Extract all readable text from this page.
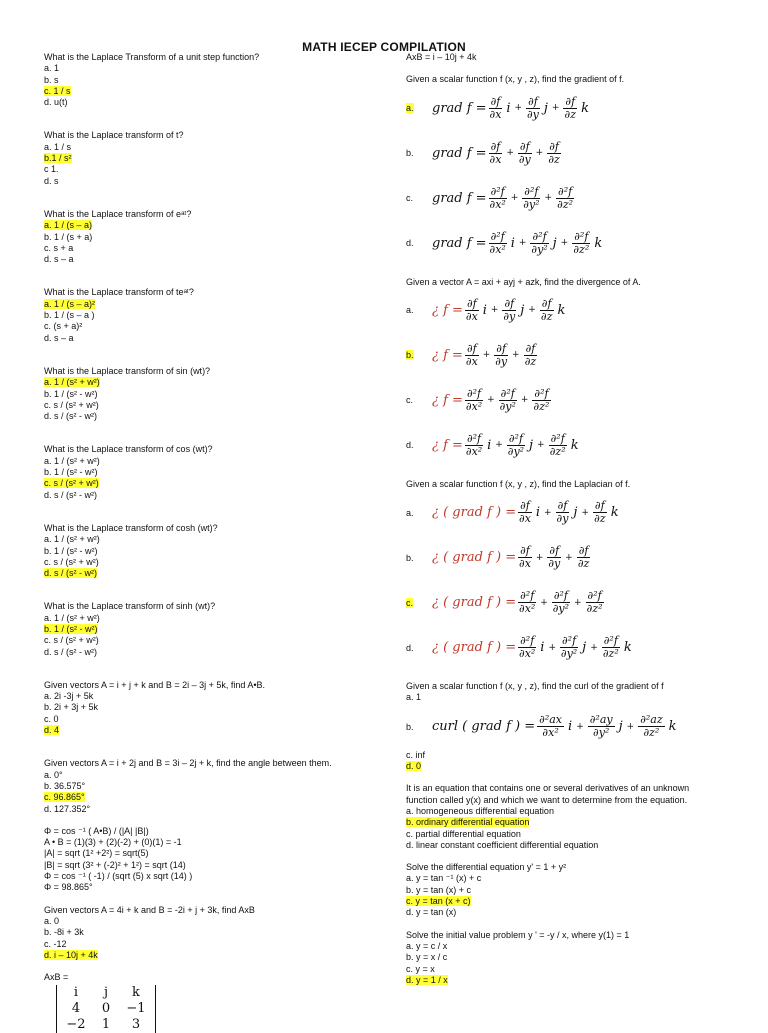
MATH IECEP COMPILATION
What is the Laplace Transform of a unit step function?
a. 1
b. s
c. 1 / s
d. u(t)
What is the Laplace transform of t?
a. 1 / s
b.1 / s²
c 1.
d. s
What is the Laplace transform of eᵃᵗ?
a. 1 / (s – a)
b. 1 / (s + a)
c. s + a
d. s – a
What is the Laplace transform of teᵃᵗ?
a. 1 / (s – a)²
b. 1 / (s – a )
c. (s + a)²
d. s – a
What is the Laplace transform of sin (wt)?
a. 1 / (s² + w²)
b. 1 / (s² - w²)
c. s / (s² + w²)
d. s / (s² - w²)
What is the Laplace transform of cos (wt)?
a. 1 / (s² + w²)
b. 1 / (s² - w²)
c. s / (s² + w²)
d. s / (s² - w²)
What is the Laplace transform of cosh (wt)?
a. 1 / (s² + w²)
b. 1 / (s² - w²)
c. s / (s² + w²)
d. s / (s² - w²)
What is the Laplace transform of sinh (wt)?
a. 1 / (s² + w²)
b. 1 / (s² - w²)
c. s / (s² + w²)
d. s / (s² - w²)
Given vectors A = i + j + k and B = 2i – 3j + 5k, find A•B.
a. 2i -3j + 5k
b. 2i + 3j + 5k
c. 0
d. 4
Given vectors A = i + 2j and B = 3i – 2j + k, find the angle between them.
a. 0°
b. 36.575°
c. 96.865°
d. 127.352°
Φ = cos ⁻¹ ( A•B) / (|A| |B|)
A • B = (1)(3) + (2)(-2) + (0)(1) = -1
|A| = sqrt (1² +2²) = sqrt(5)
|B| = sqrt (3² + (-2)² + 1²) = sqrt (14)
Φ = cos ⁻¹ ( -1) / (sqrt (5) x sqrt (14) )
Φ = 98.865°
Given vectors A = 4i + k and B = -2i + j + 3k, find AxB
a. 0
b. -8i + 3k
c. -12
d. i – 10j + 4k
AxB =
i	j	k
4	0	−1
−2	1	3
AxB = i – 10j + 4k
Given a scalar function f (x, y , z), find the gradient of f.
a.	grad $f = \frac{\partial f}{\partial x}$ $i + \frac{\partial f}{\partial y}$ $j + \frac{\partial f}{\partial z}$ k
b.	grad $f = \frac{\partial f}{\partial x} + \frac{\partial f}{\partial y} + \frac{\partial f}{\partial z}$
c.	grad $f = \frac{\text{∂²f}}{\text{∂x²}} + \frac{\text{∂²f}}{\text{∂y²}} + \frac{\text{∂²f}}{\text{∂z²}}$
d.	grad $f = \frac{\text{∂²f}}{\text{∂x²}}$ $i + \frac{\text{∂²f}}{\text{∂y²}}$ $j + \frac{\text{∂²f}}{\text{∂z²}}$ k
Given a vector A = axi + ayj + azk, find the divergence of A.
a.	¿ $f = \frac{\partial f}{\partial x}$ $i + \frac{\partial f}{\partial y}$ $j + \frac{\partial f}{\partial z}$ k
b.	¿ $f = \frac{\partial f}{\partial x} + \frac{\partial f}{\partial y} + \frac{\partial f}{\partial z}$
c.	¿ $f = \frac{\text{∂²f}}{\text{∂x²}} + \frac{\text{∂²f}}{\text{∂y²}} + \frac{\text{∂²f}}{\text{∂z²}}$
d.	¿ $f = \frac{\text{∂²f}}{\text{∂x²}}$ $i + \frac{\text{∂²f}}{\text{∂y²}}$ $j + \frac{\text{∂²f}}{\text{∂z²}}$ k
Given a scalar function f (x, y , z), find the Laplacian of f.
a.	¿ ( grad f ) = $\frac{\partial f}{\partial x}$ $i + \frac{\partial f}{\partial y}$ $j + \frac{\partial f}{\partial z}$ k
b.	¿ ( grad f ) = $\frac{\partial f}{\partial x} + \frac{\partial f}{\partial y} + \frac{\partial f}{\partial z}$
c.	¿ ( grad f ) = $\frac{\text{∂²f}}{\text{∂x²}} + \frac{\text{∂²f}}{\text{∂y²}} + \frac{\text{∂²f}}{\text{∂z²}}$
d.	¿ ( grad f ) = $\frac{\text{∂²f}}{\text{∂x²}}$ $i + \frac{\text{∂²f}}{\text{∂y²}}$ $j + \frac{\text{∂²f}}{\text{∂z²}}$ k
Given a scalar function f (x, y , z), find the curl of the gradient of f
a. 1
b.	curl ( grad f ) = $\frac{\text{∂²ax}}{\text{∂x²}}$ $i + \frac{\text{∂²ay}}{\text{∂y²}}$ $j + \frac{\text{∂²az}}{\text{∂z²}}$ k
c. inf
d. 0
It is an equation that contains one or several derivatives of an unknown
function called y(x) and which we want to determine from the equation.
a. homogeneous differential equation
b. ordinary differential equation
c. partial differential equation
d. linear constant coefficient differential equation
Solve the differential equation y' = 1 + y²
a. y = tan ⁻¹ (x) + c
b. y = tan (x) + c
c. y = tan (x + c)
d. y = tan (x)
Solve the initial value problem y ' = -y / x, where y(1) = 1
a. y = c / x
b. y = x / c
c. y = x
d. y = 1 / x
